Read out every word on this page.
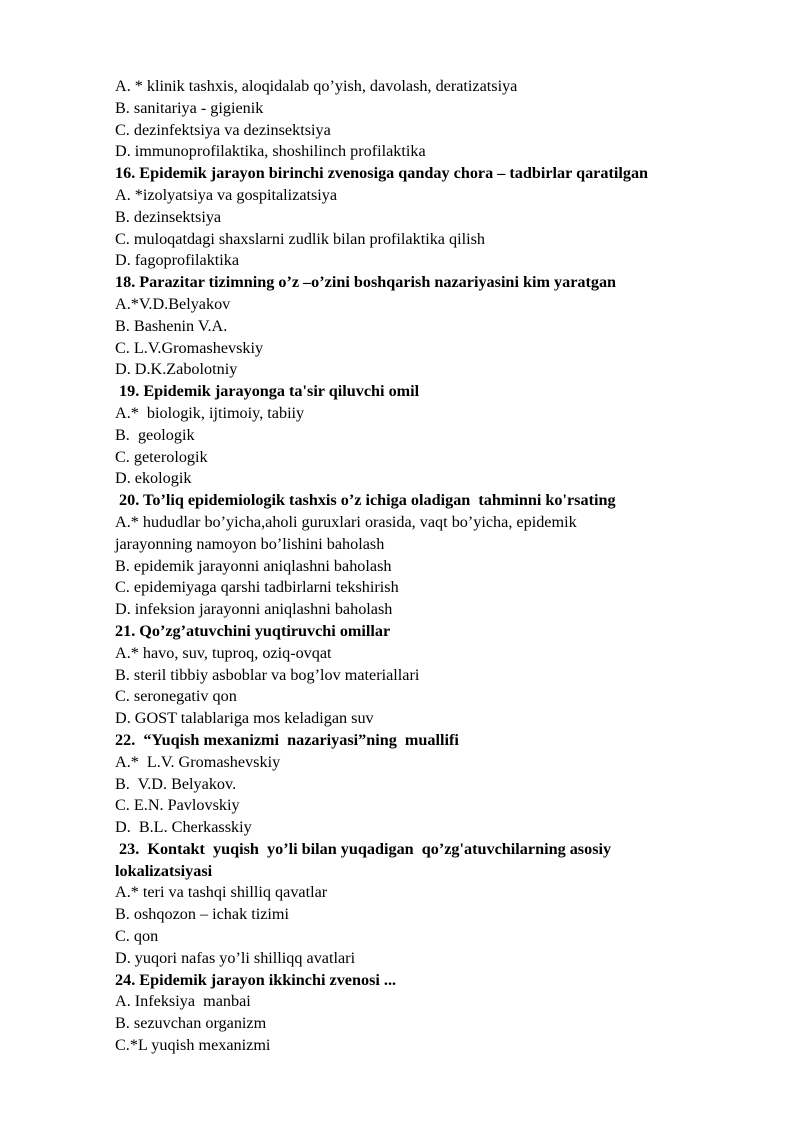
A. * klinik tashxis, aloqidalab qo’yish, davolash, deratizatsiya
B. sanitariya - gigienik
C. dezinfektsiya va dezinsektsiya
D. immunoprofilaktika, shoshilinch profilaktika
16. Epidemik jarayon birinchi zvenosiga qanday chora – tadbirlar qaratilgan
A. *izolyatsiya va gospitalizatsiya
B. dezinsektsiya
C. muloqatdagi shaxslarni zudlik bilan profilaktika qilish
D. fagoprofilaktika
18. Parazitar tizimning o’z –o’zini boshqarish nazariyasini kim yaratgan
A.*V.D.Belyakov
B. Bashenin V.A.
C. L.V.Gromashevskiy
D. D.K.Zabolotniy
19. Epidemik jarayonga ta'sir qiluvchi omil
A.*  biologik, ijtimoiy, tabiiy
B.  geologik
C. geterologik
D. ekologik
20. To’liq epidemiologik tashxis o’z ichiga oladigan  tahminni ko'rsating
A.* hududlar bo’yicha,aholi guruxlari orasida, vaqt bo’yicha, epidemik
jarayonning namoyon bo’lishini baholash
B. epidemik jarayonni aniqlashni baholash
C. epidemiyaga qarshi tadbirlarni tekshirish
D. infeksion jarayonni aniqlashni baholash
21. Qo’zg’atuvchini yuqtiruvchi omillar
A.* havo, suv, tuproq, oziq-ovqat
B. steril tibbiy asboblar va bog’lov materiallari
C. seronegativ qon
D. GOST talablariga mos keladigan suv
22.  “Yuqish mexanizmi  nazariyasi”ning  muallifi
A.*  L.V. Gromashevskiy
B.  V.D. Belyakov.
C. E.N. Pavlovskiy
D.  B.L. Cherkasskiy
23.  Kontakt  yuqish  yo’li bilan yuqadigan  qo’zg'atuvchilarning asosiy
lokalizatsiyasi
A.* teri va tashqi shilliq qavatlar
B. oshqozon – ichak tizimi
C. qon
D. yuqori nafas yo’li shilliqq avatlari
24. Epidemik jarayon ikkinchi zvenosi ...
A. Infeksiya  manbai
B. sezuvchan organizm
C.*L yuqish mexanizmi
